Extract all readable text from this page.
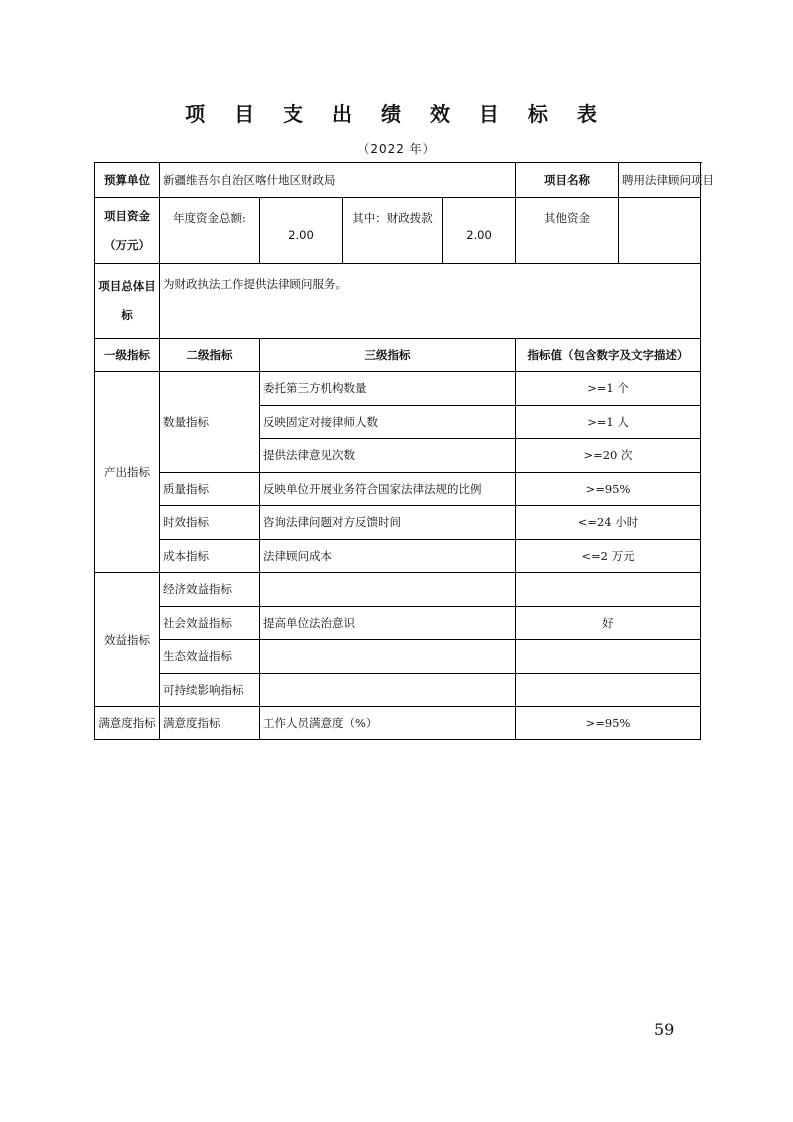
项 目 支 出 绩 效 目 标 表
（2022 年）
预算单位	新疆维吾尔自治区喀什地区财政局				项目名称	聘用法律顾问项目
项目资金
（万元）	年度资金总额:	2.00	其中：财政拨款	2.00	其他资金	
项目总体目
标	为财政执法工作提供法律顾问服务。					
一级指标	二级指标	三级指标			指标值（包含数字及文字描述）	
产出指标	数量指标	委托第三方机构数量			>=1 个	
		反映固定对接律师人数			>=1 人	
		提供法律意见次数			>=20 次	
	质量指标	反映单位开展业务符合国家法律法规的比例			>=95%	
	时效指标	咨询法律问题对方反馈时间			<=24 小时	
	成本指标	法律顾问成本			<=2 万元	
效益指标	经济效益指标					
	社会效益指标	提高单位法治意识			好	
	生态效益指标					
	可持续影响指标					
满意度指标	满意度指标	工作人员满意度（%）			>=95%	
59
